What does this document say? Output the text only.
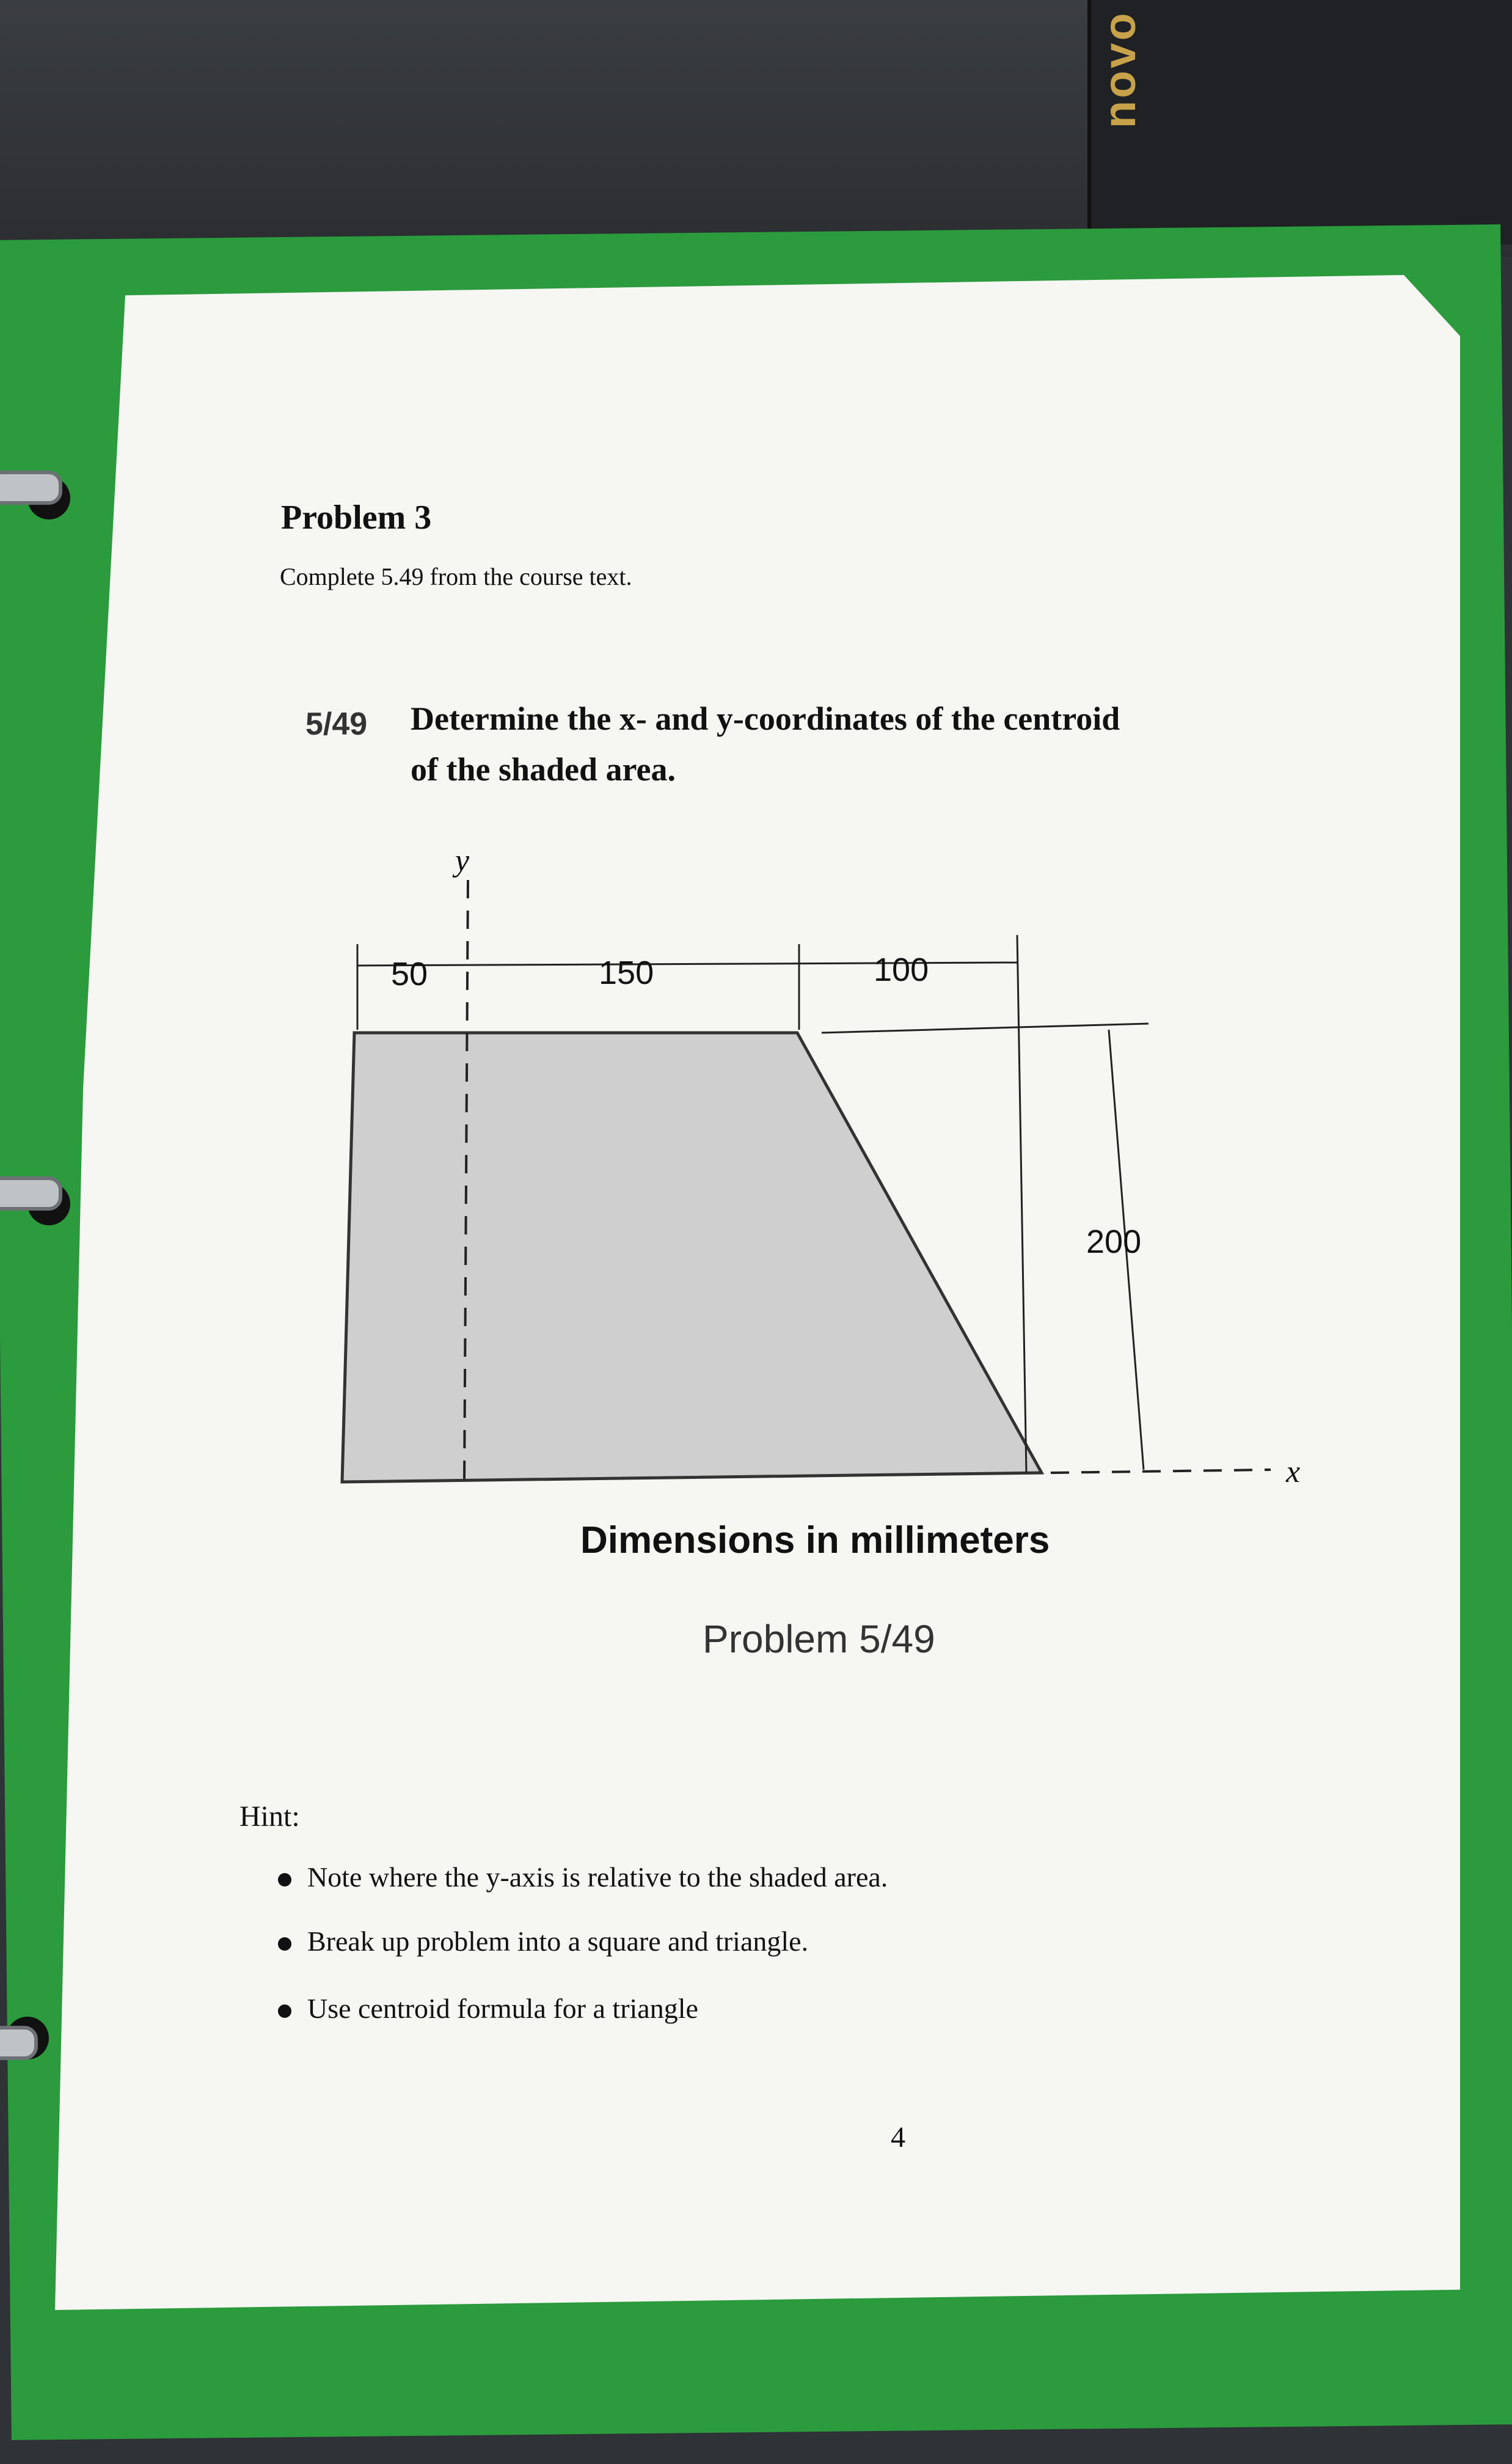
novo
Problem 3
Complete 5.49 from the course text.
5/49 Determine the x- and y-coordinates of the centroid
of the shaded area.
y
x
50	150	100
200
Dimensions in millimeters
Problem 5/49
Hint:
Note where the y-axis is relative to the shaded area.
Break up problem into a square and triangle.
Use centroid formula for a triangle
4
